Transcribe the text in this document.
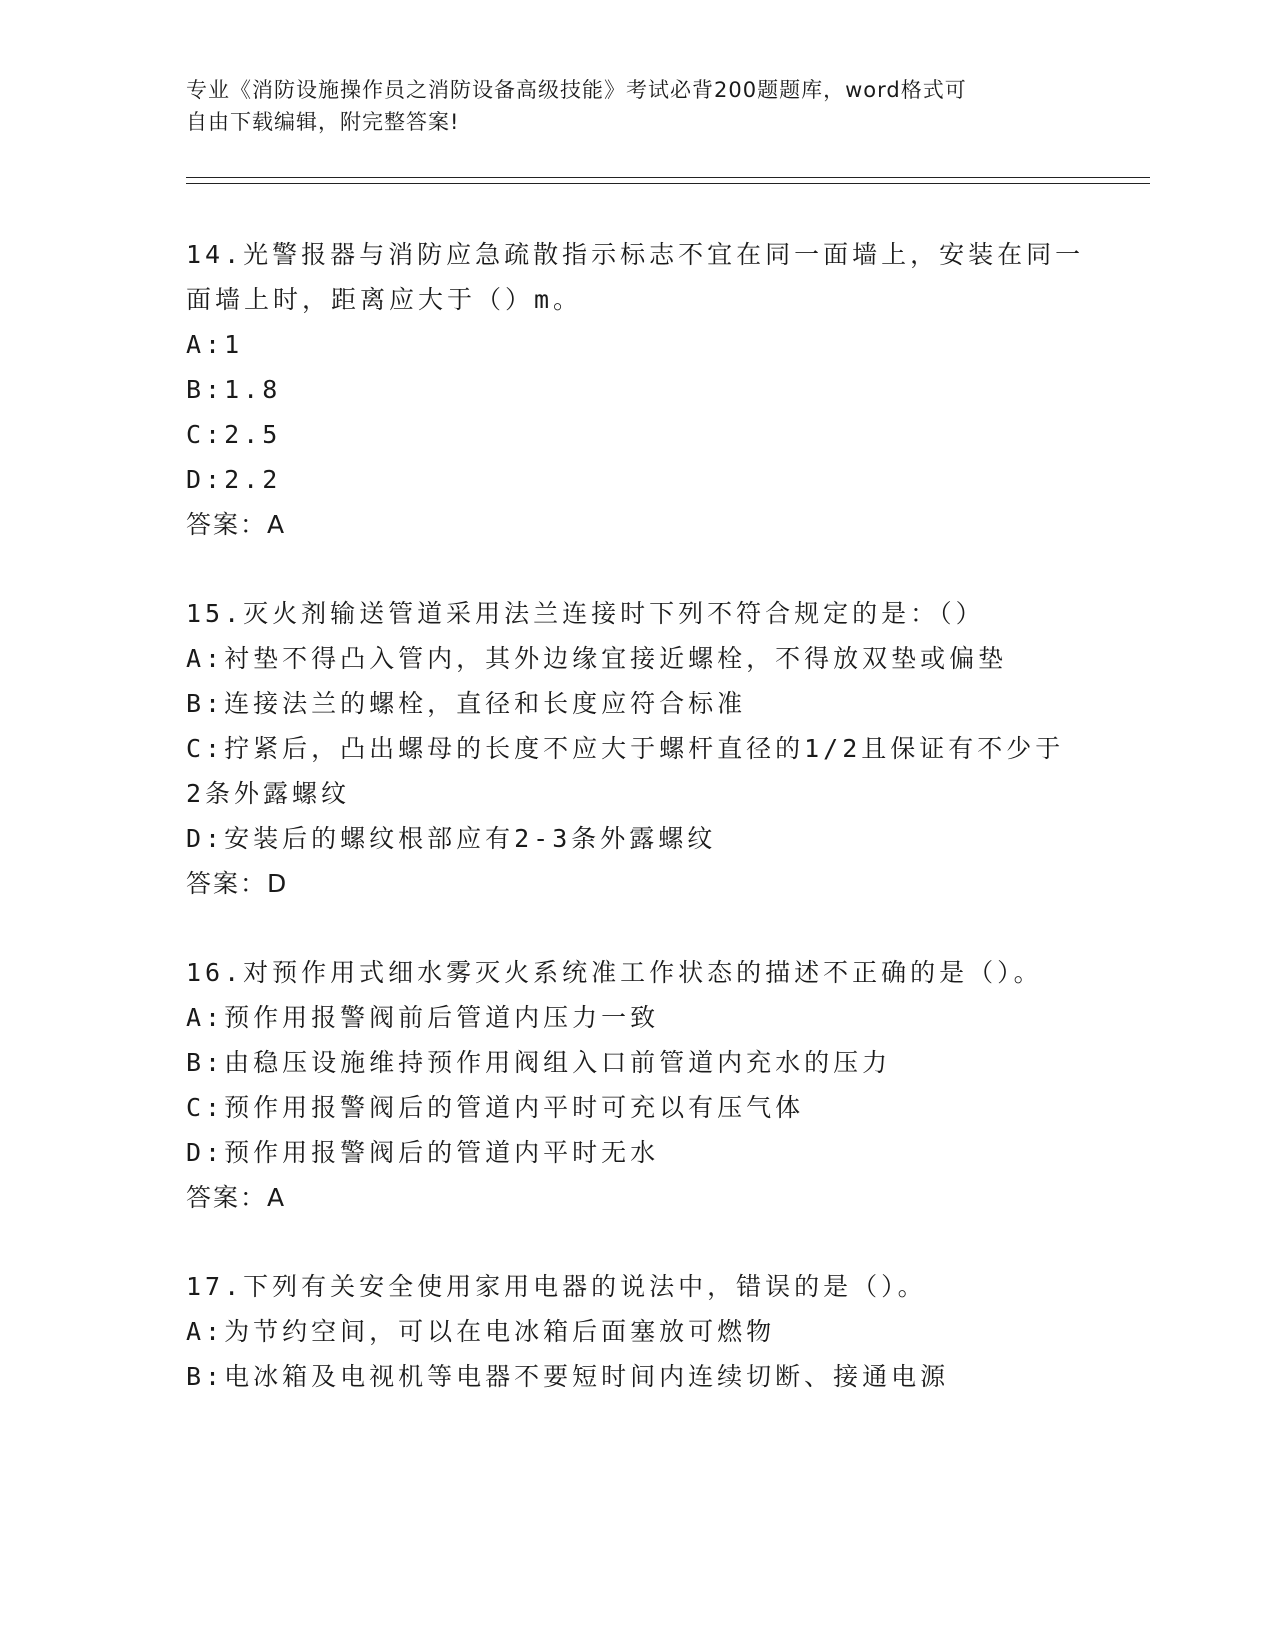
专业《消防设施操作员之消防设备高级技能》考试必背200题题库，word格式可
自由下载编辑，附完整答案!

14.光警报器与消防应急疏散指示标志不宜在同一面墙上，安装在同一

面墙上时，距离应大于（）m。

A:1

B:1.8

C:2.5

D:2.2

答案：A

15.灭火剂输送管道采用法兰连接时下列不符合规定的是：（）

A:衬垫不得凸入管内，其外边缘宜接近螺栓，不得放双垫或偏垫

B:连接法兰的螺栓，直径和长度应符合标准

C:拧紧后，凸出螺母的长度不应大于螺杆直径的1/2且保证有不少于

2条外露螺纹

D:安装后的螺纹根部应有2-3条外露螺纹

答案：D

16.对预作用式细水雾灭火系统准工作状态的描述不正确的是（）。

A:预作用报警阀前后管道内压力一致

B:由稳压设施维持预作用阀组入口前管道内充水的压力

C:预作用报警阀后的管道内平时可充以有压气体

D:预作用报警阀后的管道内平时无水

答案：A

17.下列有关安全使用家用电器的说法中，错误的是（）。

A:为节约空间，可以在电冰箱后面塞放可燃物

B:电冰箱及电视机等电器不要短时间内连续切断、接通电源
